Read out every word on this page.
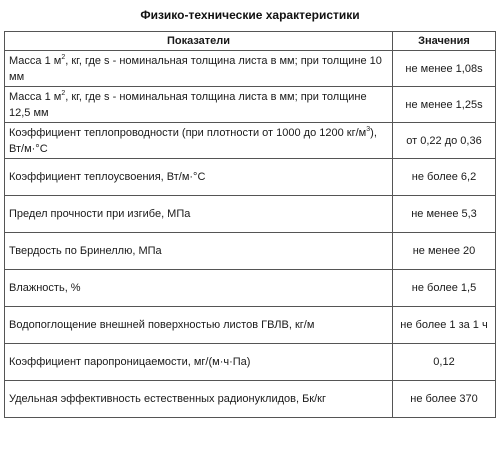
Физико-технические характеристики
Показатели	Значения
Масса 1 $м^2$, кг, где s - номинальная толщина листа в мм; при толщине 10 мм	не менее 1,08s
Масса 1 $м^2$, кг, где s - номинальная толщина листа в мм; при толщине 12,5 мм	не менее 1,25s
Коэффициент теплопроводности (при плотности от 1000 до 1200 $кг/м^3$), Вт/м·°С	от 0,22 до 0,36
Коэффициент теплоусвоения, Вт/м·°С	не более 6,2
Предел прочности при изгибе, МПа	не менее 5,3
Твердость по Бринеллю, МПа	не менее 20
Влажность, %	не более 1,5
Водопоглощение внешней поверхностью листов ГВЛВ, кг/м	не более 1 за 1 ч
Коэффициент паропроницаемости, мг/(м·ч·Па)	0,12
Удельная эффективность естественных радионуклидов, Бк/кг	не более 370
